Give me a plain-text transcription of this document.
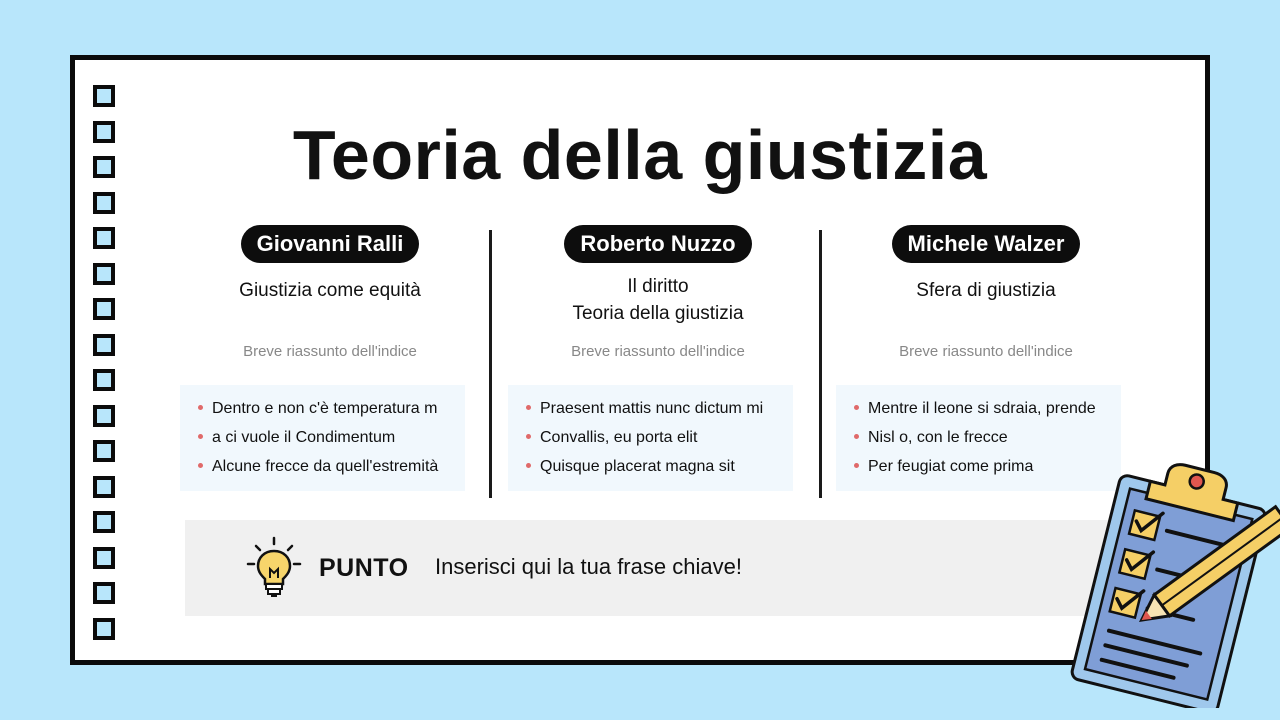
Teoria della giustizia
Giovanni Ralli
Giustizia come equità
Breve riassunto dell'indice
Dentro e non c'è temperatura m
a ci vuole il Condimentum
Alcune frecce da quell'estremità
Roberto Nuzzo
Il diritto
Teoria della giustizia
Breve riassunto dell'indice
Praesent mattis nunc dictum mi
Convallis, eu porta elit
Quisque placerat magna sit
Michele Walzer
Sfera di giustizia
Breve riassunto dell'indice
Mentre il leone si sdraia, prende
Nisl o, con le frecce
Per feugiat come prima
PUNTO Inserisci qui la tua frase chiave!
